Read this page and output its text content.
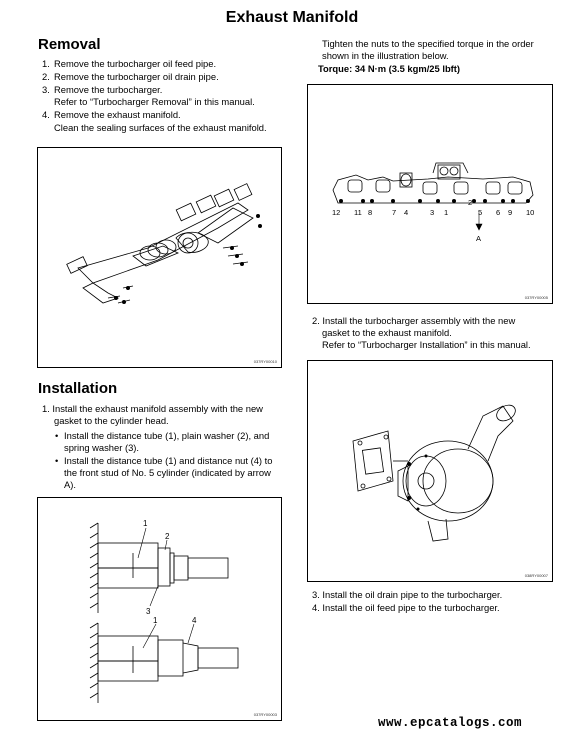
Exhaust Manifold
Removal
1. Remove the turbocharger oil feed pipe.
2. Remove the turbocharger oil drain pipe.
3. Remove the turbocharger.
Refer to “Turbocharger Removal” in this manual.
4. Remove the exhaust manifold.
Clean the sealing surfaces of the exhaust manifold.
037RY00010
Installation
1. Install the exhaust manifold assembly with the new
gasket to the cylinder head.
• Install the distance tube (1), plain washer (2), and
spring washer (3).
• Install the distance tube (1) and distance nut (4) to
the front stud of No. 5 cylinder (indicated by arrow
A).
1
2
3
1	4
037RY00003
Tighten the nuts to the specified torque in the order
shown in the illustration below.
Torque: 34 N·m (3.5 kgm/25 lbft)
12 11 8	7 4	3 1
2
5 6 9 10
A
037RY00005
2. Install the turbocharger assembly with the new
gasket to the exhaust manifold.
Refer to “Turbocharger Installation” in this manual.
038RY00007
3. Install the oil drain pipe to the turbocharger.
4. Install the oil feed pipe to the turbocharger.
www.epcatalogs.com
